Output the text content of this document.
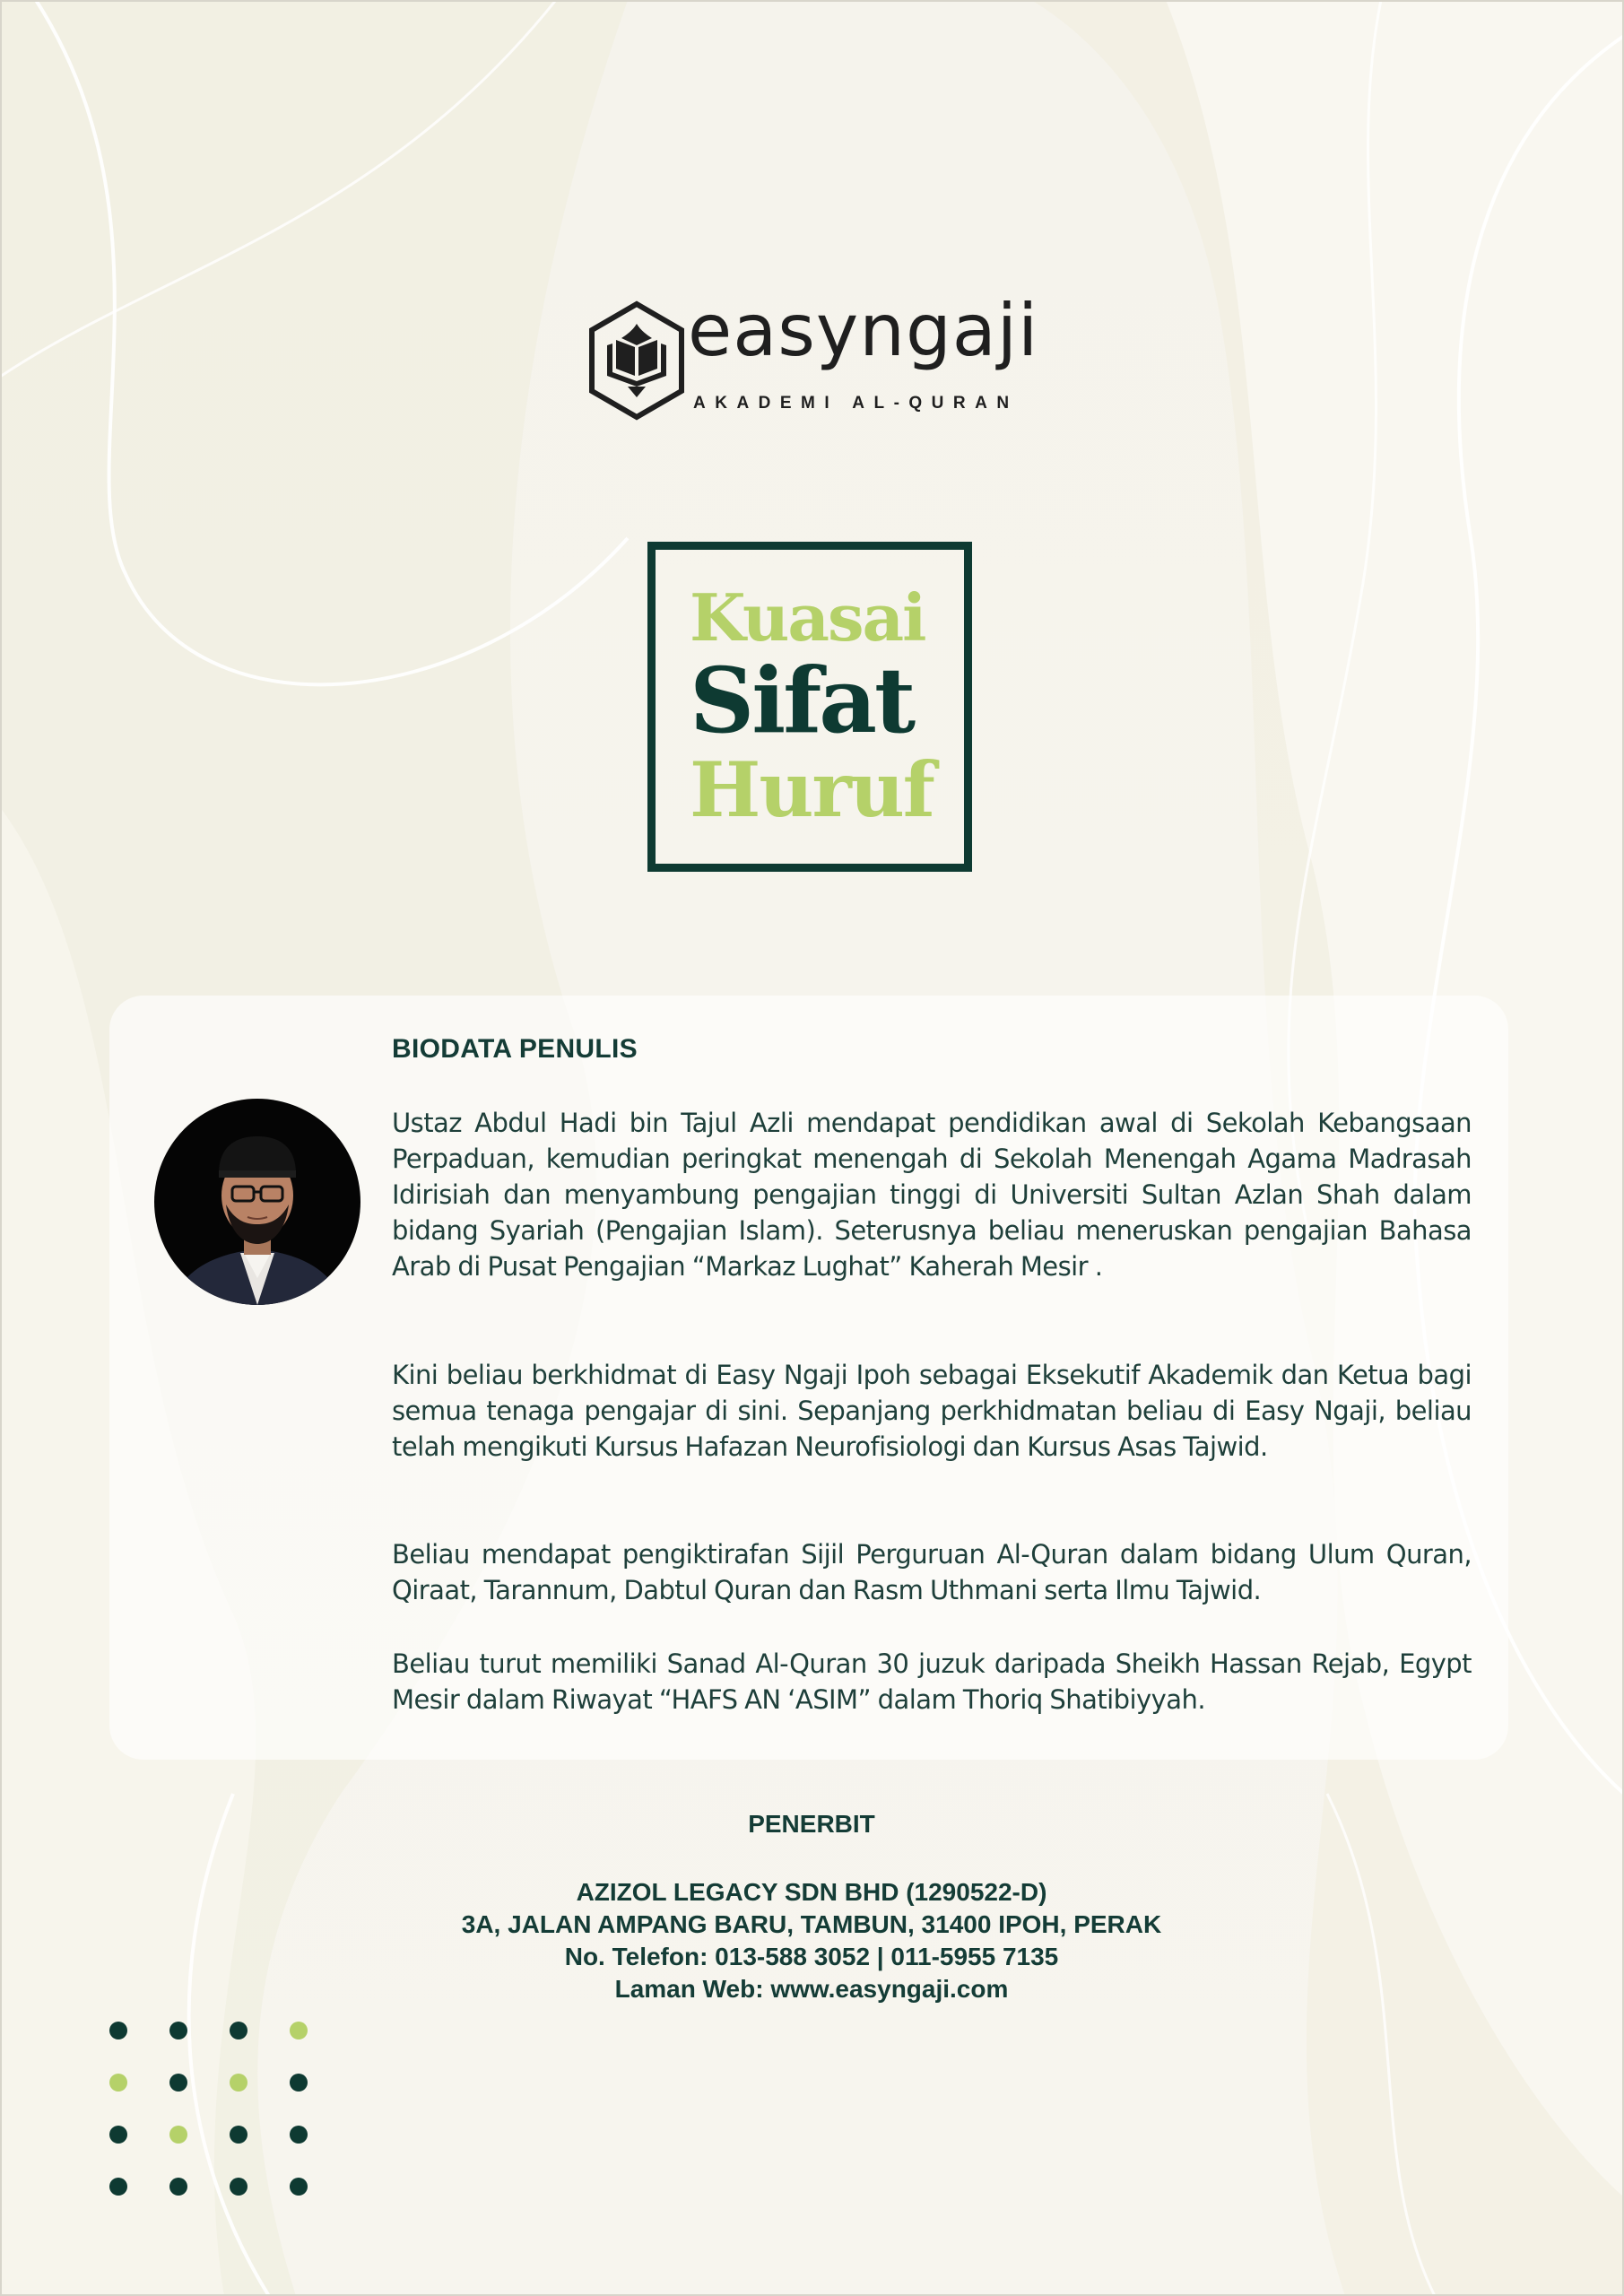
easyngaji
AKADEMI AL-QURAN
Kuasai
Sifat
Huruf
BIODATA PENULIS

Ustaz Abdul Hadi bin Tajul Azli mendapat pendidikan awal di Sekolah Kebangsaan Perpaduan, kemudian peringkat menengah di Sekolah Menengah Agama Madrasah Idirisiah dan menyambung pengajian tinggi di Universiti Sultan Azlan Shah dalam bidang Syariah (Pengajian Islam). Seterusnya beliau meneruskan pengajian Bahasa Arab di Pusat Pengajian “Markaz Lughat” Kaherah Mesir .

Kini beliau berkhidmat di Easy Ngaji Ipoh sebagai Eksekutif Akademik dan Ketua bagi semua tenaga pengajar di sini. Sepanjang perkhidmatan beliau di Easy Ngaji, beliau telah mengikuti Kursus Hafazan Neurofisiologi dan Kursus Asas Tajwid.

Beliau mendapat pengiktirafan Sijil Perguruan Al-Quran dalam bidang Ulum Quran, Qiraat, Tarannum, Dabtul Quran dan Rasm Uthmani serta Ilmu Tajwid.

Beliau turut memiliki Sanad Al-Quran 30 juzuk daripada Sheikh Hassan Rejab, Egypt Mesir dalam Riwayat “HAFS AN ‘ASIM” dalam Thoriq Shatibiyyah.

PENERBIT
AZIZOL LEGACY SDN BHD (1290522-D)
3A, JALAN AMPANG BARU, TAMBUN, 31400 IPOH, PERAK
No. Telefon: 013-588 3052 | 011-5955 7135
Laman Web: www.easyngaji.com
